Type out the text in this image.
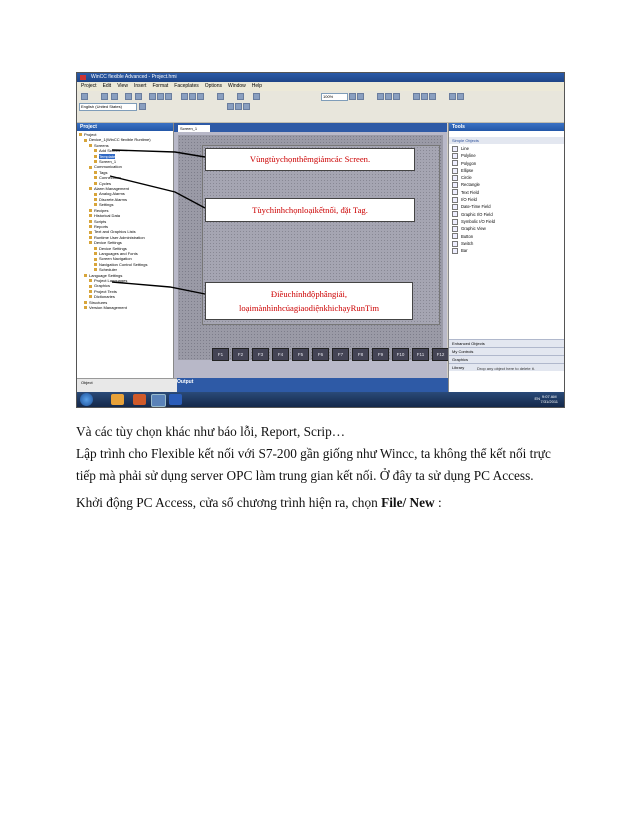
WinCC flexible Advanced - Project.hmi
Project Edit View Insert Format Faceplates Options Window Help
100%
English (United States)
Project
Project
Device_1(WinCC flexible Runtime)
Screens
Add Screen
Template
Screen_1
Communication
Tags
Connections
Cycles
Alarm Management
Analog Alarms
Discrete Alarms
Settings
Recipes
Historical Data
Scripts
Reports
Text and Graphics Lists
Runtime User Administration
Device Settings
Device Settings
Languages and Fonts
Screen Navigation
Navigation Control Settings
Scheduler
Language Settings
Project Languages
Graphics
Project Texts
Dictionaries
Structures
Version Management
Screen_1
F1	F2	F3	F4	F5	F6	F7	F8	F9	F10	F11	F12
Output
Object
Tools
Simple Objects
Line
Polyline
Polygon
Ellipse
Circle
Rectangle
Text Field
I/O Field
Date-Time Field
Graphic I/O Field
Symbolic I/O Field
Graphic View
Button
Switch
Bar
Enhanced Objects
My Controls
Graphics
Library	Drop any object here to delete it.
EN 9:07 AM
7/31/2011
Vùngtùychọnthêmgiảmcác Screen.
Tùychỉnhchọnloạikếtnối, đặt Tag.
Điềuchỉnhđộphângiải,
loạimànhìnhcủagiaodiệnkhichạyRunTim

Và các tùy chọn khác như báo lỗi, Report, Scrip…

Lập trình cho Flexible kết nối với S7-200 gần giống như Wincc, ta không thể kết nối trực

tiếp mà phải sử dụng server OPC làm trung gian kết nối. Ở đây ta sử dụng PC Access.

Khởi động PC Access, cửa sổ chương trình hiện ra, chọn File/ New :
